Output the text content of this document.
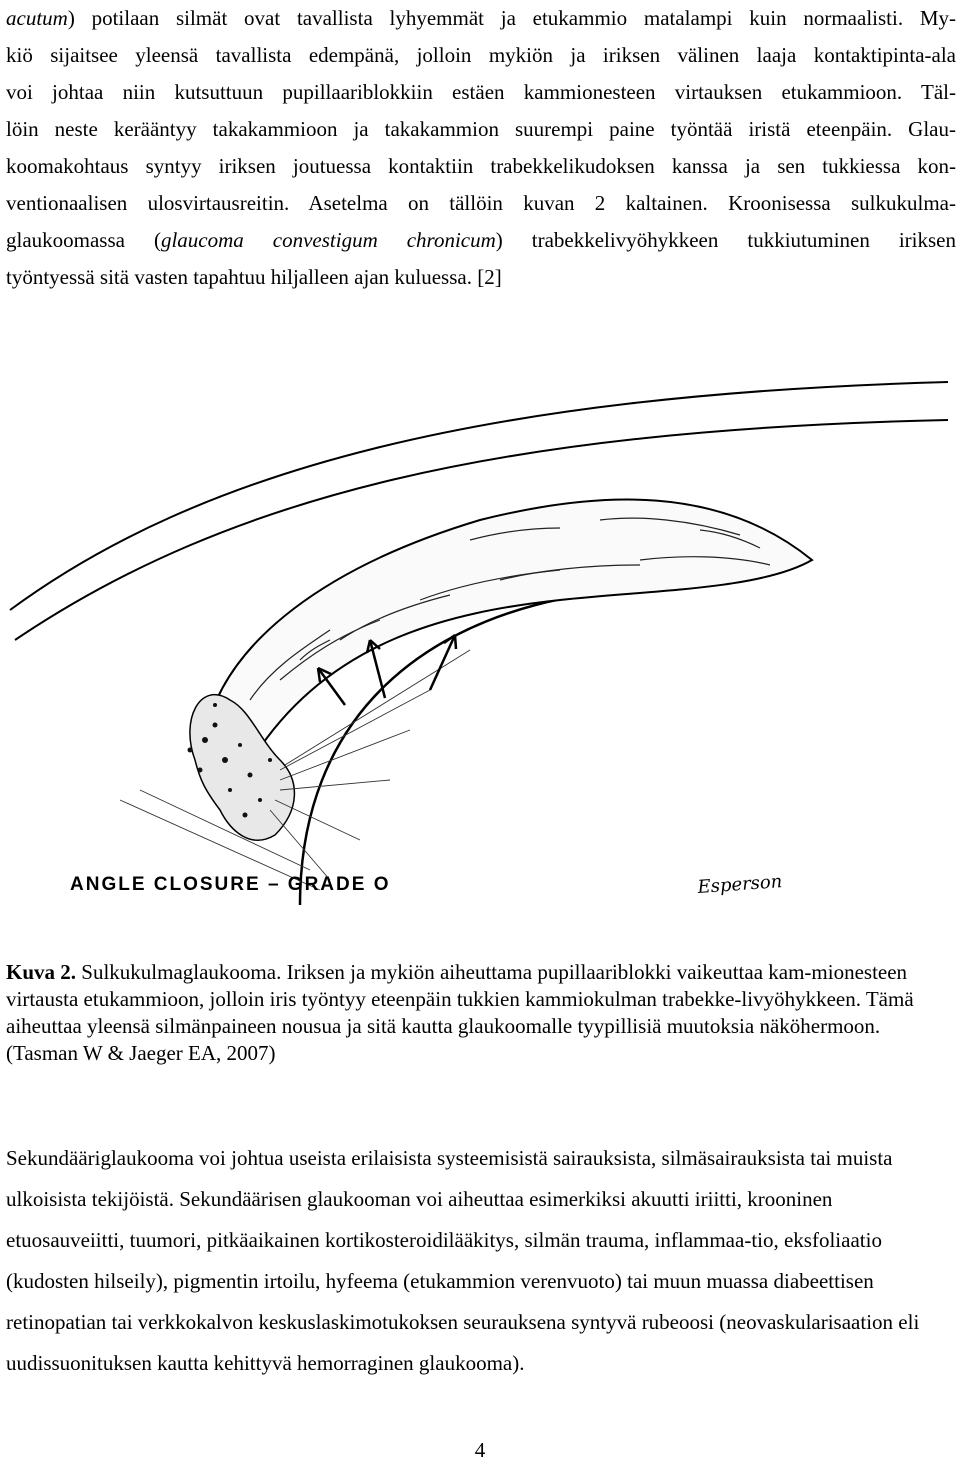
acutum) potilaan silmät ovat tavallista lyhyemmät ja etukammio matalampi kuin normaalisti. My-
kiö sijaitsee yleensä tavallista edempänä, jolloin mykiön ja iriksen välinen laaja kontaktipinta-ala
voi johtaa niin kutsuttuun pupillaariblokkiin estäen kammionesteen virtauksen etukammioon. Täl-
löin neste kerääntyy takakammioon ja takakammion suurempi paine työntää iristä eteenpäin. Glau-
koomakohtaus syntyy iriksen joutuessa kontaktiin trabekkelikudoksen kanssa ja sen tukkiessa kon-
ventionaalisen ulosvirtausreitin. Asetelma on tällöin kuvan 2 kaltainen. Kroonisessa sulkukulma-
glaukoomassa (glaucoma convestigum chronicum) trabekkelivyöhykkeen tukkiutuminen iriksen
työntyessä sitä vasten tapahtuu hiljalleen ajan kuluessa. [2]
ANGLE CLOSURE – GRADE O	Esperson

Kuva 2. Sulkukulmaglaukooma. Iriksen ja mykiön aiheuttama pupillaariblokki vaikeuttaa kam-mionesteen virtausta etukammioon, jolloin iris työntyy eteenpäin tukkien kammiokulman trabekke-livyöhykkeen. Tämä aiheuttaa yleensä silmänpaineen nousua ja sitä kautta glaukoomalle tyypillisiä muutoksia näköhermoon. (Tasman W & Jaeger EA, 2007)

Sekundääriglaukooma voi johtua useista erilaisista systeemisistä sairauksista, silmäsairauksista tai muista ulkoisista tekijöistä. Sekundäärisen glaukooman voi aiheuttaa esimerkiksi akuutti iriitti, krooninen etuosauveiitti, tuumori, pitkäaikainen kortikosteroidilääkitys, silmän trauma, inflammaa-tio, eksfoliaatio (kudosten hilseily), pigmentin irtoilu, hyfeema (etukammion verenvuoto) tai muun muassa diabeettisen retinopatian tai verkkokalvon keskuslaskimotukoksen seurauksena syntyvä rubeoosi (neovaskularisaation eli uudissuonituksen kautta kehittyvä hemorraginen glaukooma).

4
